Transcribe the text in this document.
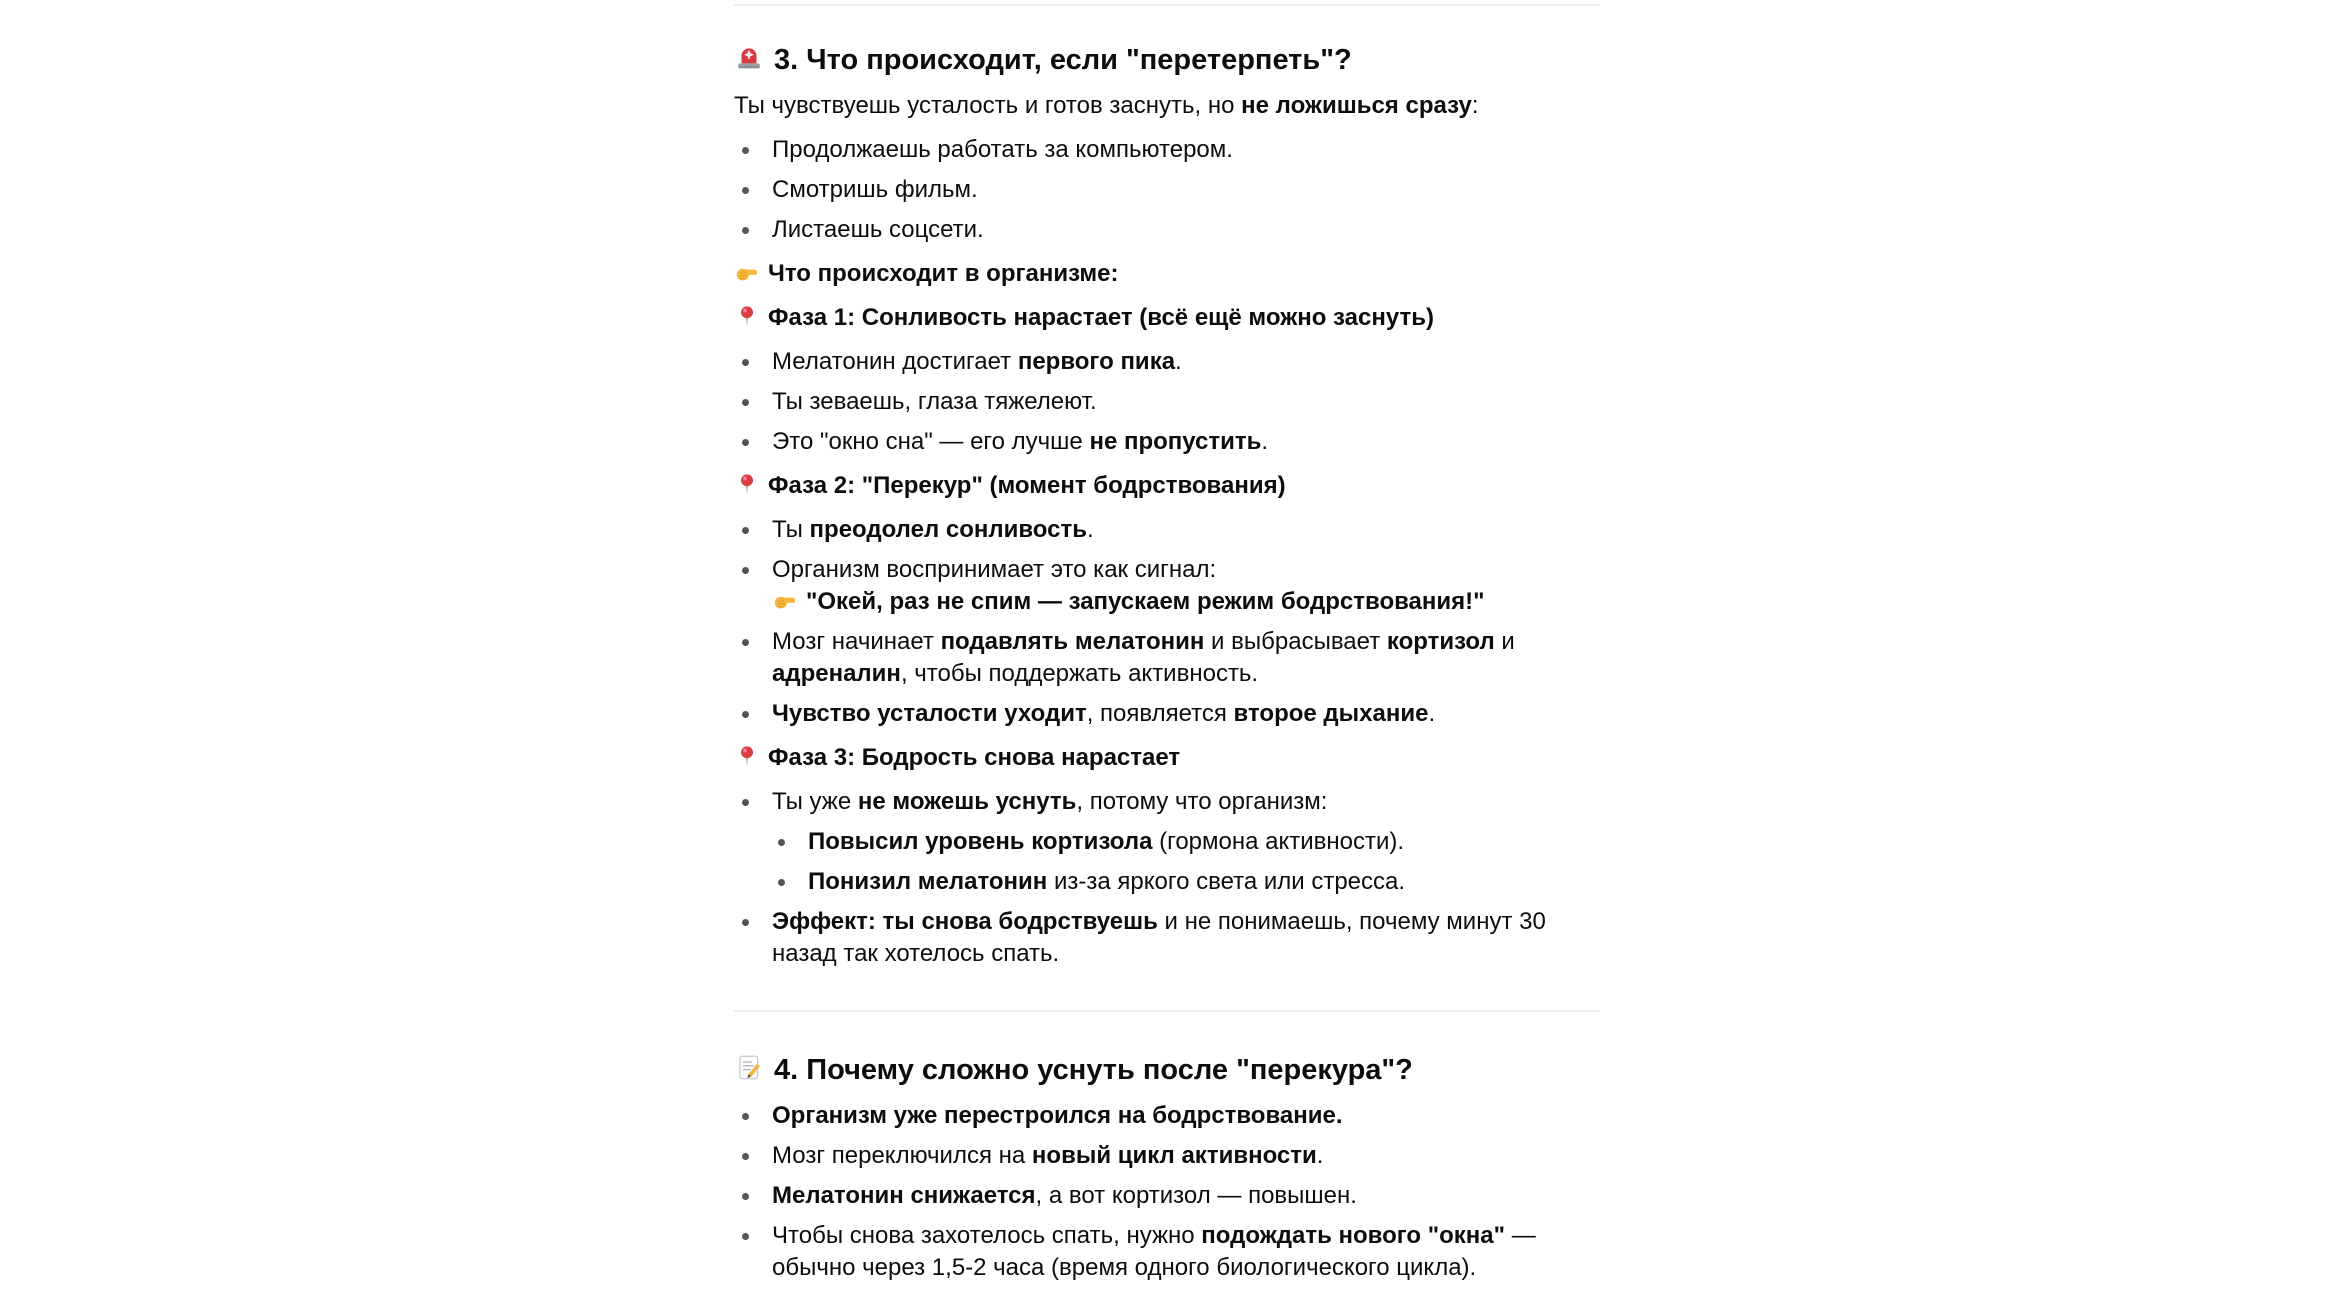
3. Что происходит, если "перетерпеть"?

Ты чувствуешь усталость и готов заснуть, но не ложишься сразу:

Продолжаешь работать за компьютером.
Смотришь фильм.
Листаешь соцсети.

Что происходит в организме:

Фаза 1: Сонливость нарастает (всё ещё можно заснуть)

Мелатонин достигает первого пика.
Ты зеваешь, глаза тяжелеют.
Это "окно сна" — его лучше не пропустить.

Фаза 2: "Перекур" (момент бодрствования)

Ты преодолел сонливость.
Организм воспринимает это как сигнал:

"Окей, раз не спим — запускаем режим бодрствования!"
Мозг начинает подавлять мелатонин и выбрасывает кортизол и адреналин, чтобы поддержать активность.
Чувство усталости уходит, появляется второе дыхание.

Фаза 3: Бодрость снова нарастает

Ты уже не можешь уснуть, потому что организм:
Повысил уровень кортизола (гормона активности).
Понизил мелатонин из-за яркого света или стресса.
Эффект: ты снова бодрствуешь и не понимаешь, почему минут 30 назад так хотелось спать.
4. Почему сложно уснуть после "перекура"?
Организм уже перестроился на бодрствование.
Мозг переключился на новый цикл активности.
Мелатонин снижается, а вот кортизол — повышен.
Чтобы снова захотелось спать, нужно подождать нового "окна" — обычно через 1,5-2 часа (время одного биологического цикла).
